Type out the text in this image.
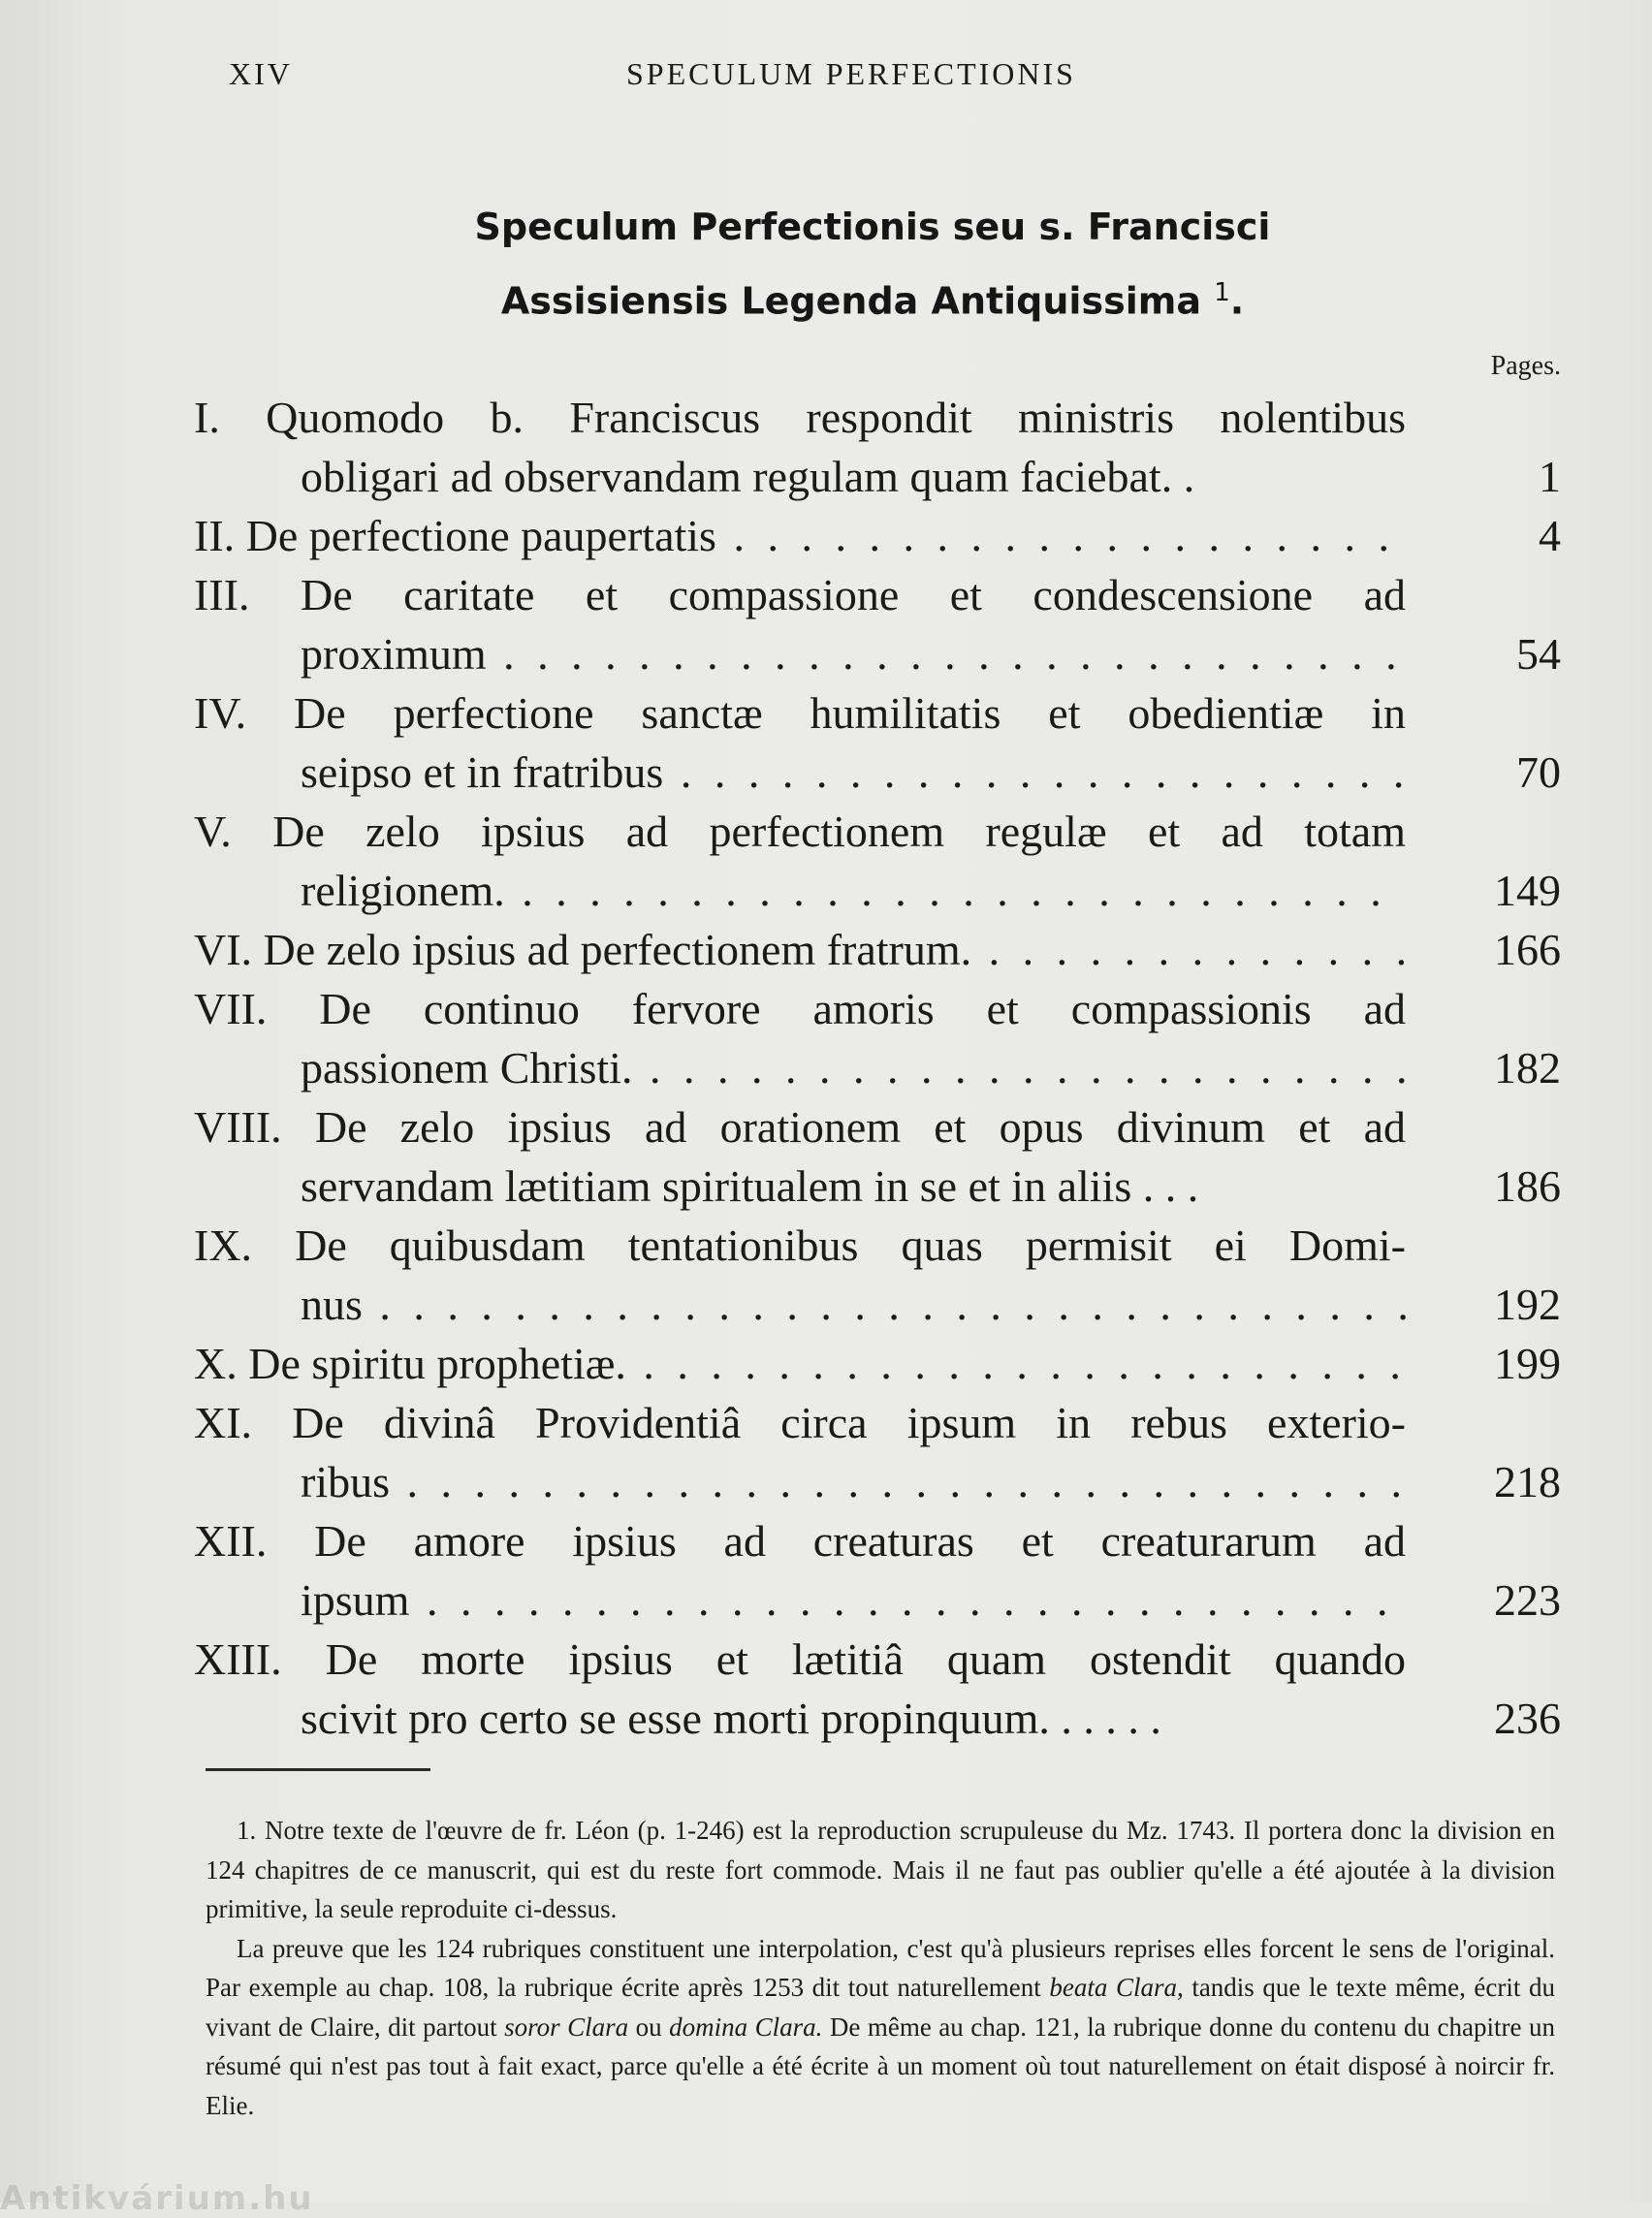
XIV	SPECULUM PERFECTIONIS
Speculum Perfectionis seu s. Francisci
Assisiensis Legenda Antiquissima $^1$.
Pages.
I. Quomodo b. Franciscus respondit ministris nolentibus
obligari ad observandam regulam quam faciebat. .	1
II. De perfectione paupertatis . . .	4
III. De caritate et compassione et condescensione ad
proximum . . .	54
IV. De perfectione sanctæ humilitatis et obedientiæ in
seipso et in fratribus . . .	70
V. De zelo ipsius ad perfectionem regulæ et ad totam
religionem. . . .	149
VI. De zelo ipsius ad perfectionem fratrum. . . .	166
VII. De continuo fervore amoris et compassionis ad
passionem Christi. . . .	182
VIII. De zelo ipsius ad orationem et opus divinum et ad
servandam lætitiam spiritualem in se et in aliis . . .	186
IX. De quibusdam tentationibus quas permisit ei Domi-
nus . . .	192
X. De spiritu prophetiæ. . . .	199
XI. De divinâ Providentiâ circa ipsum in rebus exterio-
ribus . . .	218
XII. De amore ipsius ad creaturas et creaturarum ad
ipsum . . .	223
XIII. De morte ipsius et lætitiâ quam ostendit quando
scivit pro certo se esse morti propinquum. . . . . .	236

1. Notre texte de l'œuvre de fr. Léon (p. 1-246) est la reproduction scrupuleuse du Mz. 1743. Il portera donc la division en 124 chapitres de ce manuscrit, qui est du reste fort commode. Mais il ne faut pas oublier qu'elle a été ajoutée à la division primitive, la seule reproduite ci-dessus.

La preuve que les 124 rubriques constituent une interpolation, c'est qu'à plusieurs reprises elles forcent le sens de l'original. Par exemple au chap. 108, la rubrique écrite après 1253 dit tout naturellement beata Clara, tandis que le texte même, écrit du vivant de Claire, dit partout soror Clara ou domina Clara. De même au chap. 121, la rubrique donne du contenu du chapitre un résumé qui n'est pas tout à fait exact, parce qu'elle a été écrite à un moment où tout naturellement on était disposé à noircir fr. Elie.

Antikvárium.hu
